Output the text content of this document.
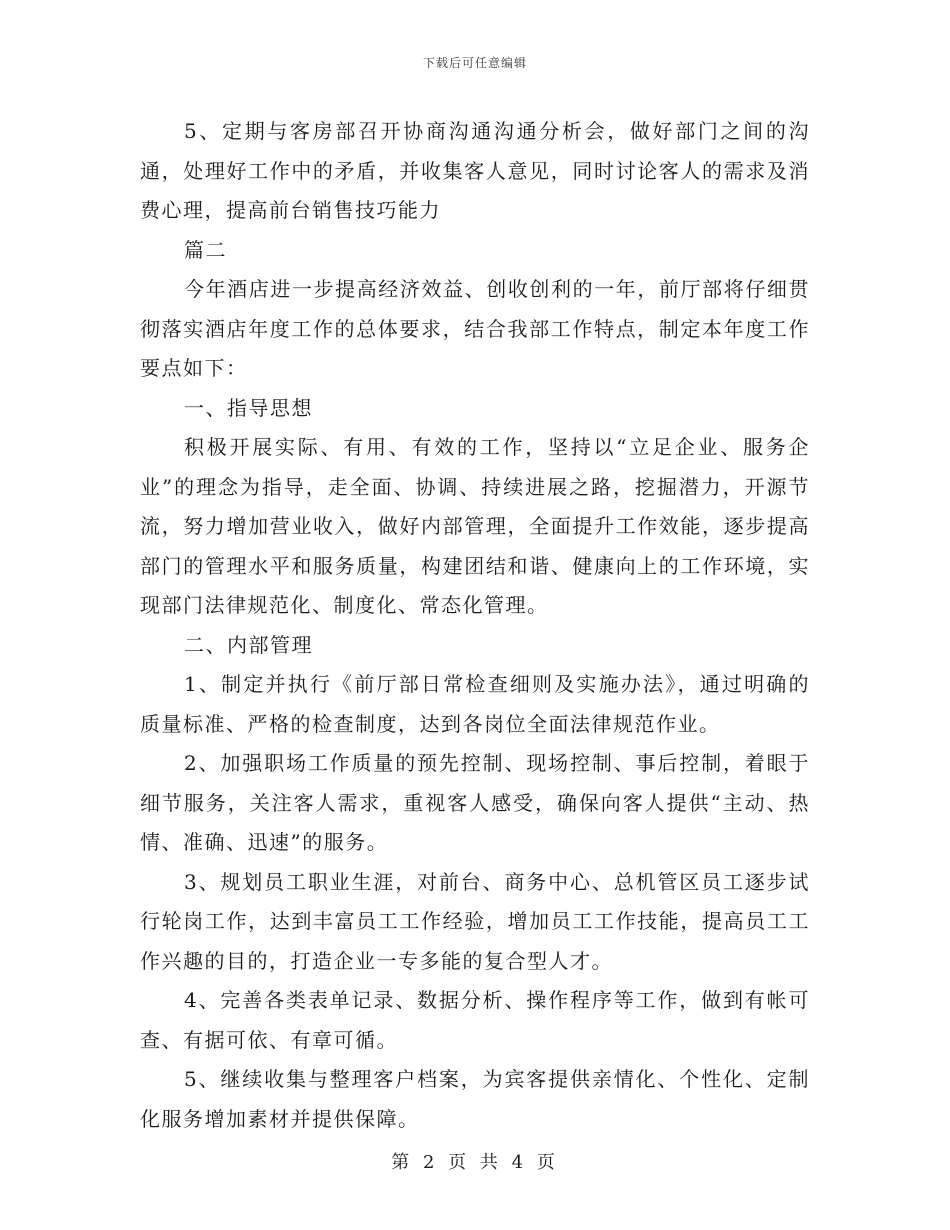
下载后可任意编辑

5、定期与客房部召开协商沟通沟通分析会，做好部门之间的沟通，处理好工作中的矛盾，并收集客人意见，同时讨论客人的需求及消费心理，提高前台销售技巧能力

篇二

今年酒店进一步提高经济效益、创收创利的一年，前厅部将仔细贯彻落实酒店年度工作的总体要求，结合我部工作特点，制定本年度工作要点如下：

一、指导思想

积极开展实际、有用、有效的工作，坚持以“立足企业、服务企业”的理念为指导，走全面、协调、持续进展之路，挖掘潜力，开源节流，努力增加营业收入，做好内部管理，全面提升工作效能，逐步提高部门的管理水平和服务质量，构建团结和谐、健康向上的工作环境，实现部门法律规范化、制度化、常态化管理。

二、内部管理

1、制定并执行《前厅部日常检查细则及实施办法》，通过明确的质量标准、严格的检查制度，达到各岗位全面法律规范作业。

2、加强职场工作质量的预先控制、现场控制、事后控制，着眼于细节服务，关注客人需求，重视客人感受，确保向客人提供“主动、热情、准确、迅速”的服务。

3、规划员工职业生涯，对前台、商务中心、总机管区员工逐步试行轮岗工作，达到丰富员工工作经验，增加员工工作技能，提高员工工作兴趣的目的，打造企业一专多能的复合型人才。

4、完善各类表单记录、数据分析、操作程序等工作，做到有帐可查、有据可依、有章可循。

5、继续收集与整理客户档案，为宾客提供亲情化、个性化、定制化服务增加素材并提供保障。

第 2 页 共 4 页
